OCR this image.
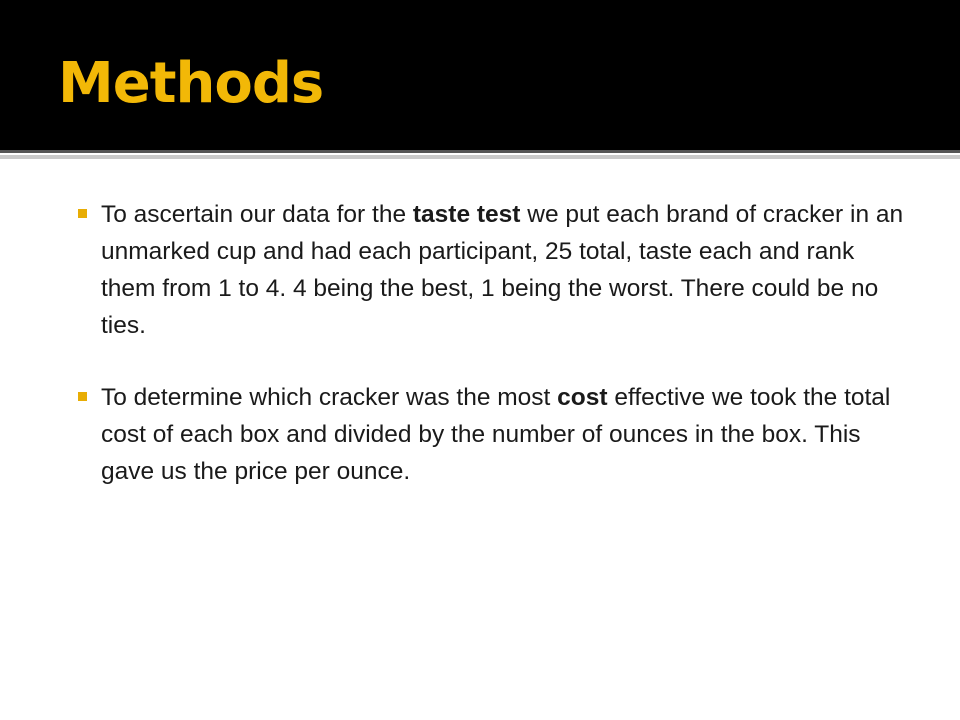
Methods
To ascertain our data for the taste test we put each brand of cracker in an unmarked cup and had each participant, 25 total, taste each and rank them from 1 to 4. 4 being the best, 1 being the worst. There could be no ties.
To determine which cracker was the most cost effective we took the total cost of each box and divided by the number of ounces in the box. This gave us the price per ounce.
